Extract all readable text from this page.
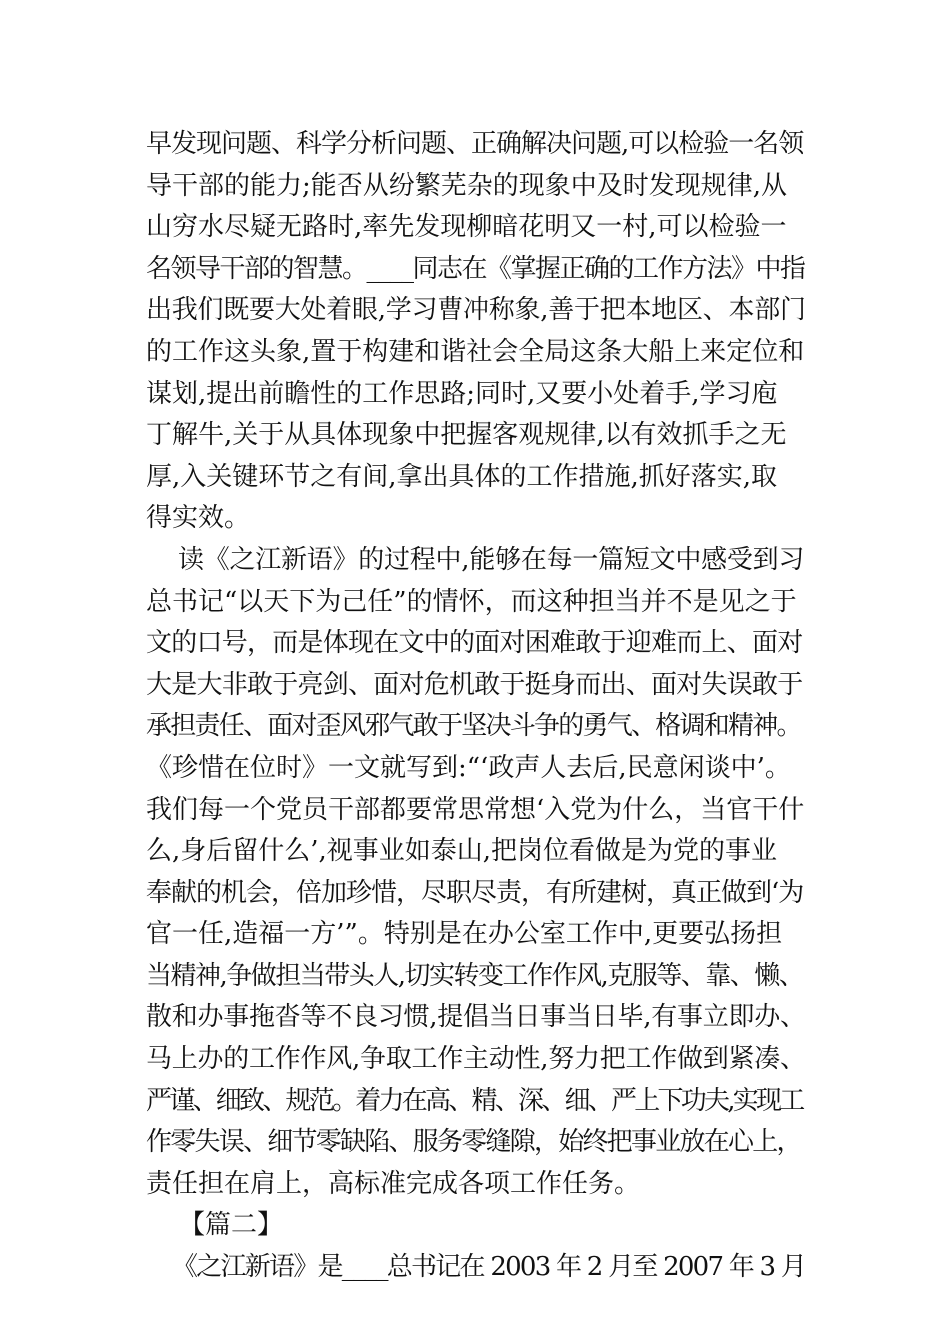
早发现问题、科学分析问题、正确解决问题,可以检验一名领
导干部的能力;能否从纷繁芜杂的现象中及时发现规律,从
山穷水尽疑无路时,率先发现柳暗花明又一村,可以检验一
名领导干部的智慧。____同志在《掌握正确的工作方法》中指
出我们既要大处着眼,学习曹冲称象,善于把本地区、本部门
的工作这头象,置于构建和谐社会全局这条大船上来定位和
谋划,提出前瞻性的工作思路;同时,又要小处着手,学习庖
丁解牛,关于从具体现象中把握客观规律,以有效抓手之无
厚,入关键环节之有间,拿出具体的工作措施,抓好落实,取
得实效。
读《之江新语》的过程中,能够在每一篇短文中感受到习
总书记“以天下为己任”的情怀，而这种担当并不是见之于
文的口号，而是体现在文中的面对困难敢于迎难而上、面对
大是大非敢于亮剑、面对危机敢于挺身而出、面对失误敢于
承担责任、面对歪风邪气敢于坚决斗争的勇气、格调和精神。
《珍惜在位时》一文就写到:“‘政声人去后,民意闲谈中’。
我们每一个党员干部都要常思常想‘入党为什么，当官干什
么,身后留什么’,视事业如泰山,把岗位看做是为党的事业
奉献的机会，倍加珍惜，尽职尽责，有所建树，真正做到‘为
官一任,造福一方’”。特别是在办公室工作中,更要弘扬担
当精神,争做担当带头人,切实转变工作作风,克服等、靠、懒、
散和办事拖沓等不良习惯,提倡当日事当日毕,有事立即办、
马上办的工作作风,争取工作主动性,努力把工作做到紧凑、
严谨、细致、规范。着力在高、精、深、细、严上下功夫,实现工
作零失误、细节零缺陷、服务零缝隙，始终把事业放在心上，
责任担在肩上，高标准完成各项工作任务。
【篇二】
《之江新语》是____总书记在 2003 年 2 月至 2007 年 3 月
